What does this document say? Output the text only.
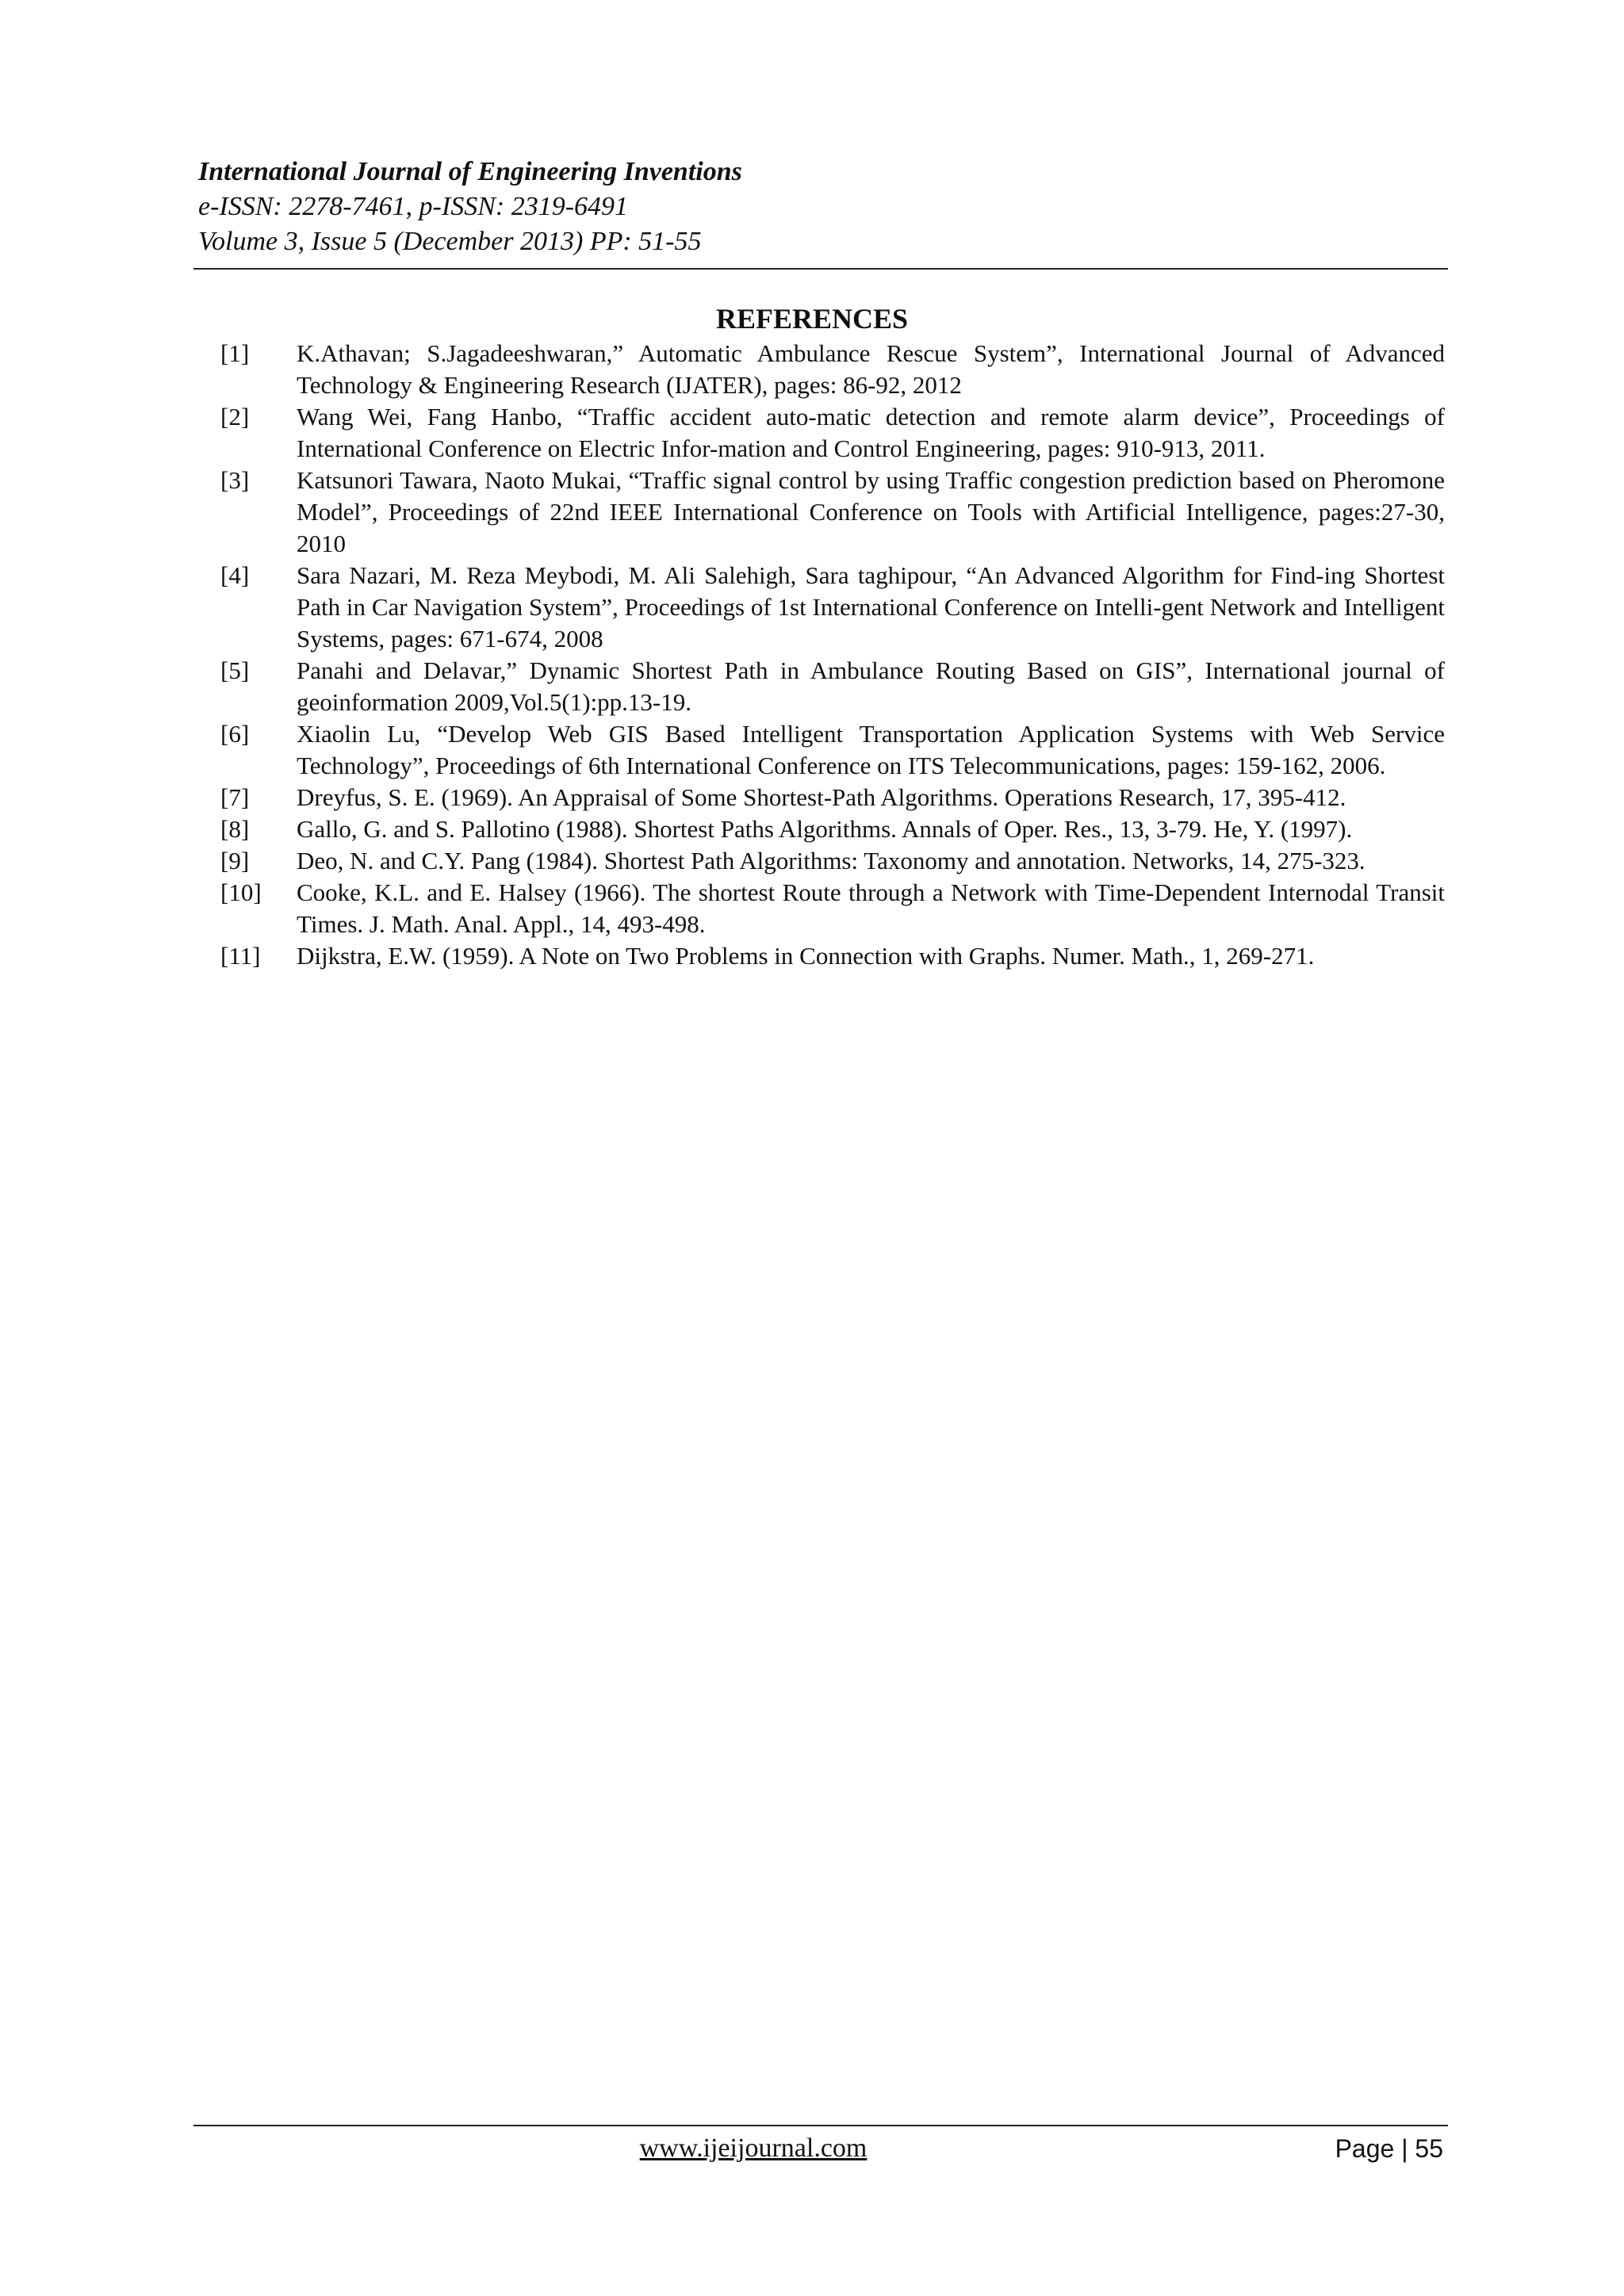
International Journal of Engineering Inventions
e-ISSN: 2278-7461, p-ISSN: 2319-6491
Volume 3, Issue 5 (December 2013) PP: 51-55
REFERENCES
[1]	K.Athavan; S.Jagadeeshwaran,” Automatic Ambulance Rescue System”, International Journal of Advanced Technology & Engineering Research (IJATER), pages: 86-92, 2012
[2]	Wang Wei, Fang Hanbo, “Traffic accident auto-matic detection and remote alarm device”, Proceedings of International Conference on Electric Infor-mation and Control Engineering, pages: 910-913, 2011.
[3]	Katsunori Tawara, Naoto Mukai, “Traffic signal control by using Traffic congestion prediction based on Pheromone Model”, Proceedings of 22nd IEEE International Conference on Tools with Artificial Intelligence, pages:27-30, 2010
[4]	Sara Nazari, M. Reza Meybodi, M. Ali Salehigh, Sara taghipour, “An Advanced Algorithm for Find-ing Shortest Path in Car Navigation System”, Proceedings of 1st International Conference on Intelli-gent Network and Intelligent Systems, pages: 671-674, 2008
[5]	Panahi and Delavar,” Dynamic Shortest Path in Ambulance Routing Based on GIS”, International journal of geoinformation 2009,Vol.5(1):pp.13-19.
[6]	Xiaolin Lu, “Develop Web GIS Based Intelligent Transportation Application Systems with Web Service Technology”, Proceedings of 6th International Conference on ITS Telecommunications, pages: 159-162, 2006.
[7]	Dreyfus, S. E. (1969). An Appraisal of Some Shortest-Path Algorithms. Operations Research, 17, 395-412.
[8]	Gallo, G. and S. Pallotino (1988). Shortest Paths Algorithms. Annals of Oper. Res., 13, 3-79. He, Y. (1997).
[9]	Deo, N. and C.Y. Pang (1984). Shortest Path Algorithms: Taxonomy and annotation. Networks, 14, 275-323.
[10]	Cooke, K.L. and E. Halsey (1966). The shortest Route through a Network with Time-Dependent Internodal Transit Times. J. Math. Anal. Appl., 14, 493-498.
[11]	Dijkstra, E.W. (1959). A Note on Two Problems in Connection with Graphs. Numer. Math., 1, 269-271.
www.ijeijournal.com	Page | 55
